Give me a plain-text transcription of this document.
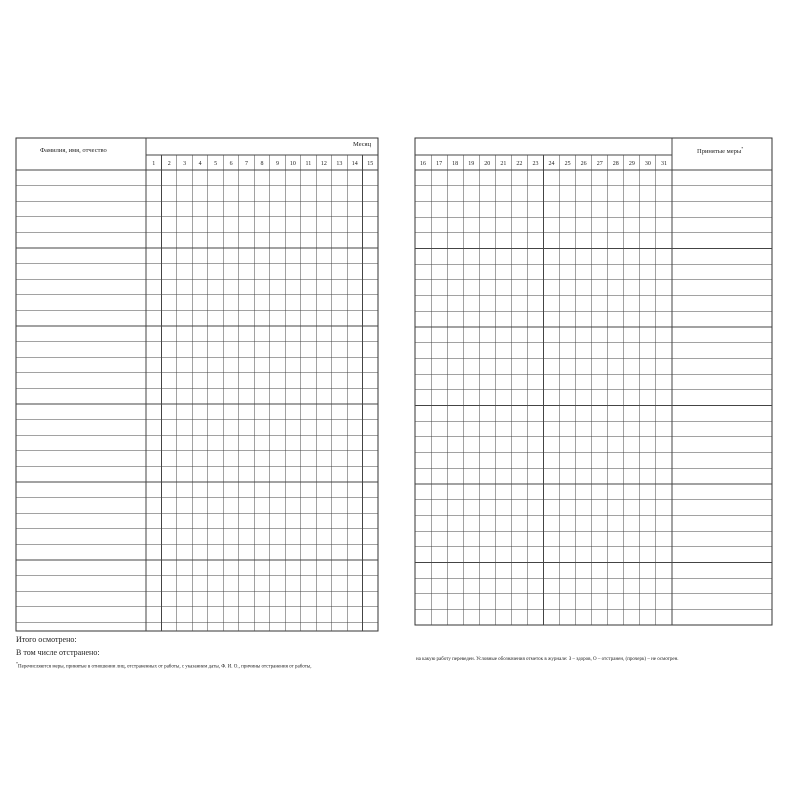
1 2 3 4 5 6 7 8 9 10 11 12 13 14 15	16 17 18 19 20 21 22 23 24 25 26 27 28 29 30 31
Фамилия, имя, отчество
Месяц
Принятые меры*
Итого осмотрено:
В том числе отстранено:
*Перечисляются меры, принятые в отношении лиц, отстраненных от работы, с указанием даты, Ф. И. О., причины отстранения от работы,
на какую работу переведен. Условные обозначения отметок в журнале: З – здоров, О – отстранен, (прочерк) – не осмотрен.
